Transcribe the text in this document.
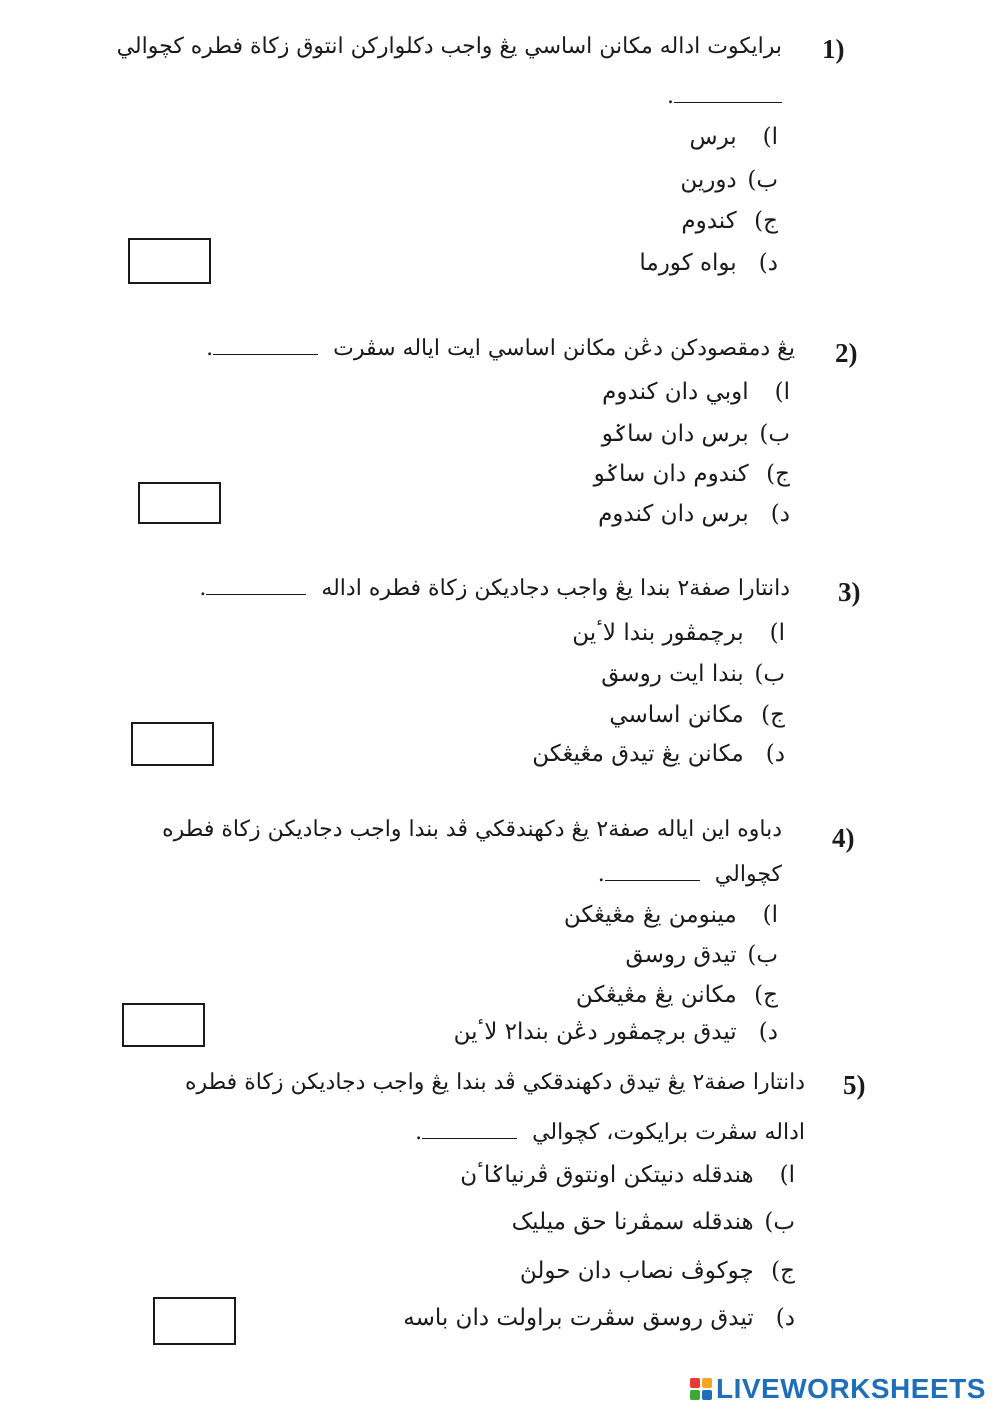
1)
برايکوت اداله مکانن اساسي يڠ واجب دکلوارکن انتوق زکاة فطره کچوالي
.
ا) برس
ب) دورين
ج) کندوم
د) بواه کورما
2)
يڠ دمقصودکن دڠن مکانن اساسي ايت اياله سڤرت .
ا) اوبي دان کندوم
ب) برس دان ساݢو
ج) کندوم دان ساݢو
د) برس دان کندوم
3)
دانتارا صفة٢ بندا يڠ واجب دجاديکن زکاة فطره اداله .
ا) برچمڤور بندا لاٴين
ب) بندا ايت روسق
ج) مکانن اساسي
د) مکانن يڠ تيدق مڠيڠکن
4)
دباوه اين اياله صفة٢ يڠ دکهندقکي ڤد بندا واجب دجاديکن زکاة فطره
کچوالي .
ا) مينومن يڠ مڠيڠکن
ب) تيدق روسق
ج) مکانن يڠ مڠيڠکن
د) تيدق برچمڤور دڠن بندا٢ لاٴين
5)
دانتارا صفة٢ يڠ تيدق دکهندقکي ڤد بندا يڠ واجب دجاديکن زکاة فطره
اداله سڤرت برايکوت، کچوالي .
ا) هندقله دنيتکن اونتوق ڤرنياݢاٴن
ب) هندقله سمڤرنا حق ميليک
ج) چوکوڤ نصاب دان حولڽ
د) تيدق روسق سڤرت براولت دان باسه
LIVEWORKSHEETS
